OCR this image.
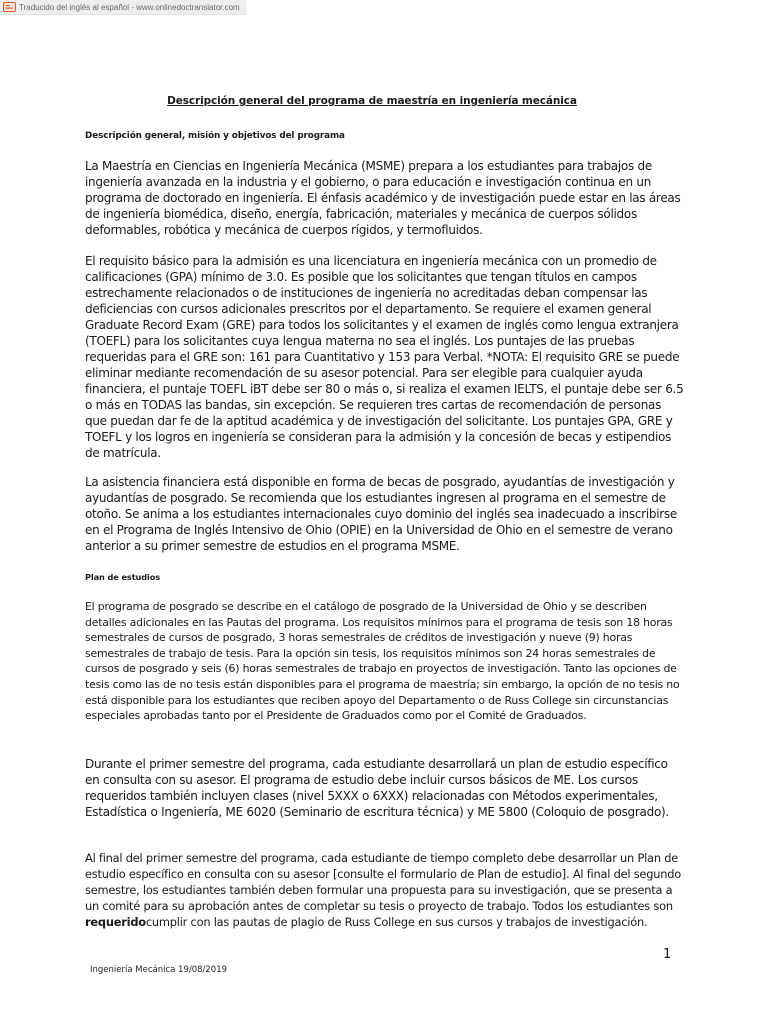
Traducido del inglés al español - www.onlinedoctranslator.com
Descripción general del programa de maestría en ingeniería mecánica
Descripción general, misión y objetivos del programa

La Maestría en Ciencias en Ingeniería Mecánica (MSME) prepara a los estudiantes para trabajos de ingeniería avanzada en la industria y el gobierno, o para educación e investigación continua en un programa de doctorado en ingeniería. El énfasis académico y de investigación puede estar en las áreas de ingeniería biomédica, diseño, energía, fabricación, materiales y mecánica de cuerpos sólidos deformables, robótica y mecánica de cuerpos rígidos, y termofluidos.

El requisito básico para la admisión es una licenciatura en ingeniería mecánica con un promedio de calificaciones (GPA) mínimo de 3.0. Es posible que los solicitantes que tengan títulos en campos estrechamente relacionados o de instituciones de ingeniería no acreditadas deban compensar las deficiencias con cursos adicionales prescritos por el departamento. Se requiere el examen general Graduate Record Exam (GRE) para todos los solicitantes y el examen de inglés como lengua extranjera (TOEFL) para los solicitantes cuya lengua materna no sea el inglés. Los puntajes de las pruebas requeridas para el GRE son: 161 para Cuantitativo y 153 para Verbal. *NOTA: El requisito GRE se puede eliminar mediante recomendación de su asesor potencial. Para ser elegible para cualquier ayuda financiera, el puntaje TOEFL iBT debe ser 80 o más o, si realiza el examen IELTS, el puntaje debe ser 6.5 o más en TODAS las bandas, sin excepción. Se requieren tres cartas de recomendación de personas que puedan dar fe de la aptitud académica y de investigación del solicitante. Los puntajes GPA, GRE y TOEFL y los logros en ingeniería se consideran para la admisión y la concesión de becas y estipendios de matrícula.

La asistencia financiera está disponible en forma de becas de posgrado, ayudantías de investigación y ayudantías de posgrado. Se recomienda que los estudiantes ingresen al programa en el semestre de otoño. Se anima a los estudiantes internacionales cuyo dominio del inglés sea inadecuado a inscribirse en el Programa de Inglés Intensivo de Ohio (OPIE) en la Universidad de Ohio en el semestre de verano anterior a su primer semestre de estudios en el programa MSME.

Plan de estudios

El programa de posgrado se describe en el catálogo de posgrado de la Universidad de Ohio y se describen detalles adicionales en las Pautas del programa. Los requisitos mínimos para el programa de tesis son 18 horas semestrales de cursos de posgrado, 3 horas semestrales de créditos de investigación y nueve (9) horas semestrales de trabajo de tesis. Para la opción sin tesis, los requisitos mínimos son 24 horas semestrales de cursos de posgrado y seis (6) horas semestrales de trabajo en proyectos de investigación. Tanto las opciones de tesis como las de no tesis están disponibles para el programa de maestría; sin embargo, la opción de no tesis no está disponible para los estudiantes que reciben apoyo del Departamento o de Russ College sin circunstancias especiales aprobadas tanto por el Presidente de Graduados como por el Comité de Graduados.

Durante el primer semestre del programa, cada estudiante desarrollará un plan de estudio específico en consulta con su asesor. El programa de estudio debe incluir cursos básicos de ME. Los cursos requeridos también incluyen clases (nivel 5XXX o 6XXX) relacionadas con Métodos experimentales, Estadística o Ingeniería, ME 6020 (Seminario de escritura técnica) y ME 5800 (Coloquio de posgrado).

Al final del primer semestre del programa, cada estudiante de tiempo completo debe desarrollar un Plan de estudio específico en consulta con su asesor [consulte el formulario de Plan de estudio]. Al final del segundo semestre, los estudiantes también deben formular una propuesta para su investigación, que se presenta a un comité para su aprobación antes de completar su tesis o proyecto de trabajo. Todos los estudiantes son requeridocumplir con las pautas de plagio de Russ College en sus cursos y trabajos de investigación.

1
Ingeniería Mecánica 19/08/2019
